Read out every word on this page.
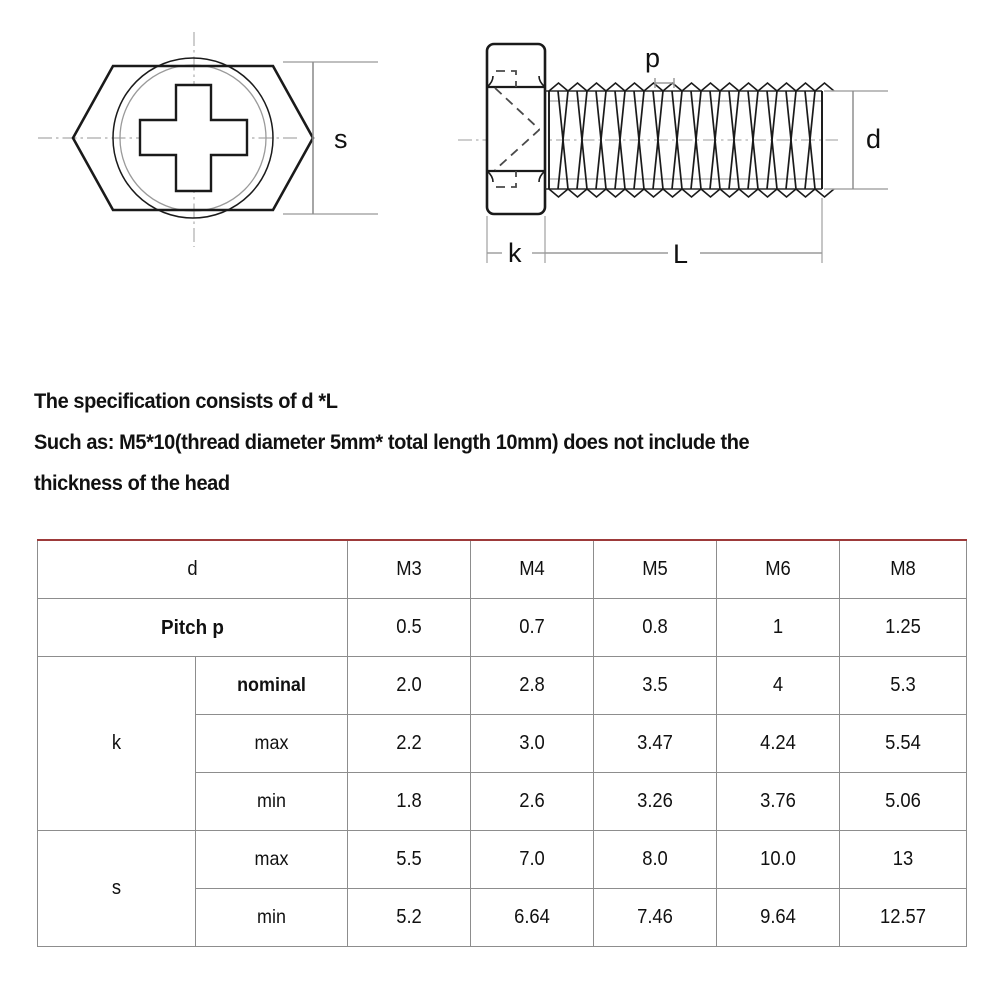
s
p
d
k	L
The specification consists of d *L
Such as: M5*10(thread diameter 5mm* total length 10mm) does not include the
thickness of the head
d		M3	M4	M5	M6	M8

Pitch p		0.5	0.7	0.8	1	1.25

k	nominal	2.0	2.8	3.5	4	5.3

	max	2.2	3.0	3.47	4.24	5.54

	min	1.8	2.6	3.26	3.76	5.06

s	max	5.5	7.0	8.0	10.0	13

	min	5.2	6.64	7.46	9.64	12.57
